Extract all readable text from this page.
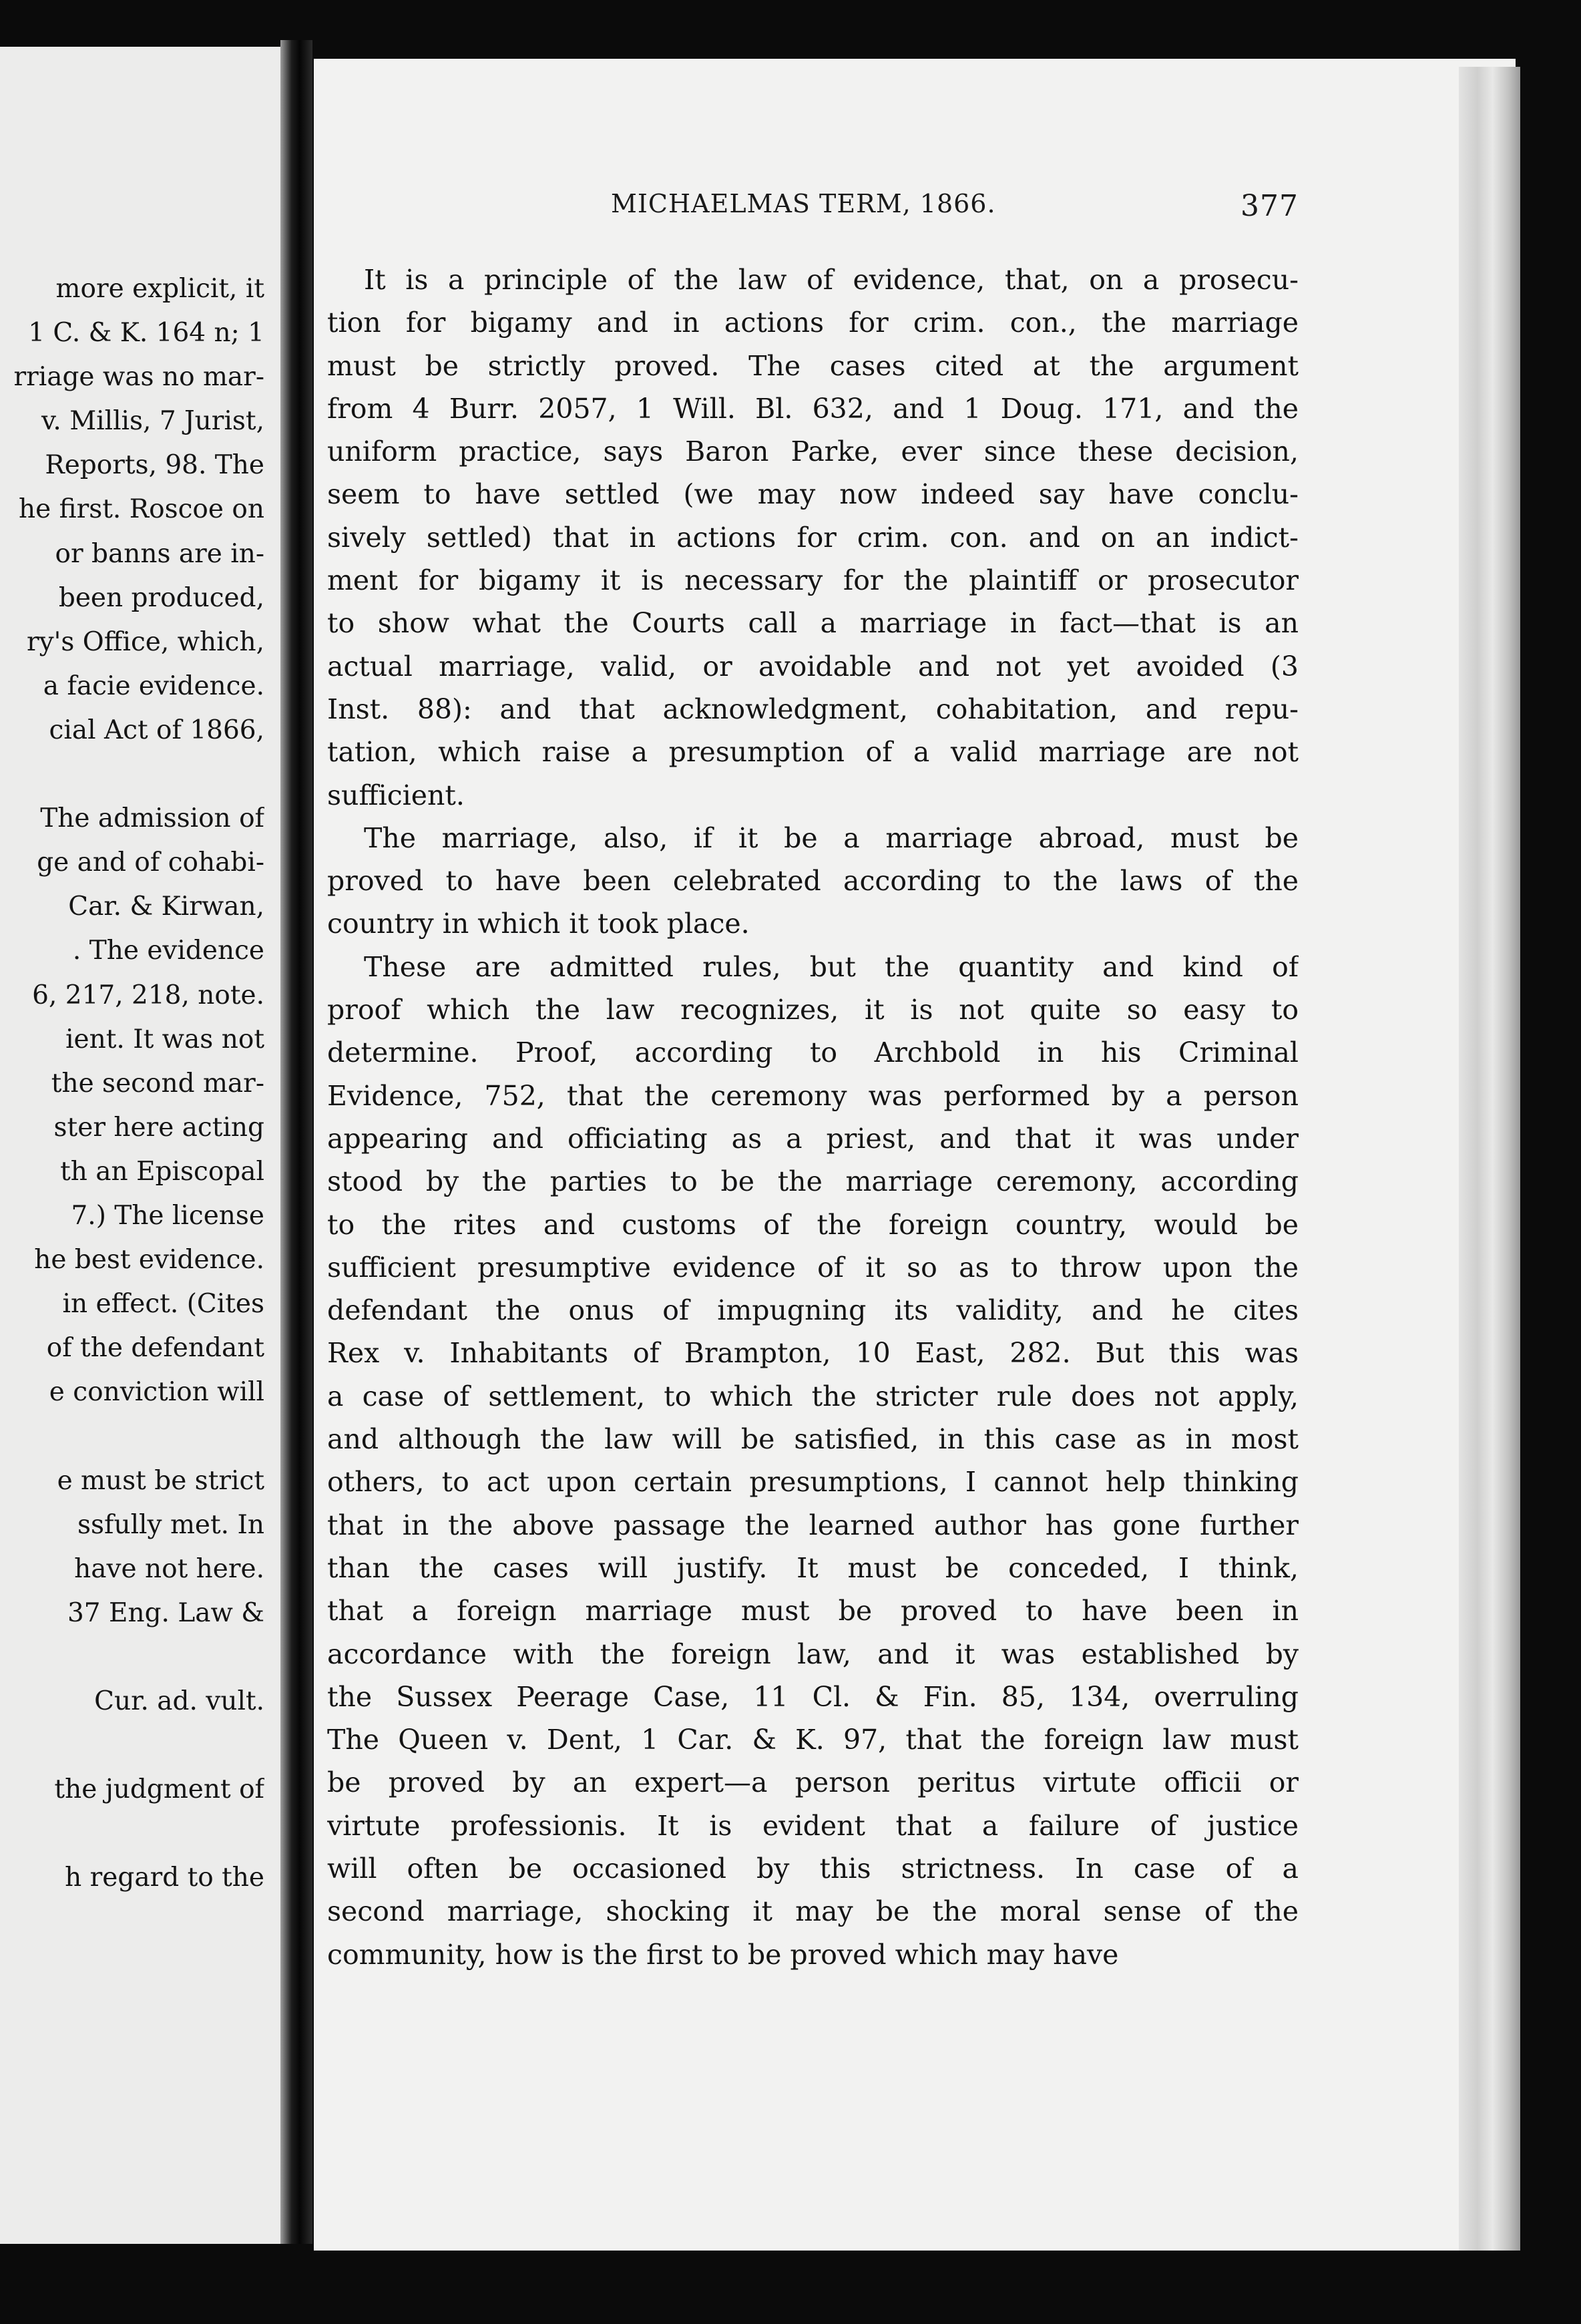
more explicit, it
1 C. & K. 164 n; 1
rriage was no mar-
v. Millis, 7 Jurist,
Reports, 98. The
he first. Roscoe on
or banns are in-
been produced,
ry's Office, which,
a facie evidence.
cial Act of 1866,
The admission of
ge and of cohabi-
Car. & Kirwan,
. The evidence
6, 217, 218, note.
ient. It was not
the second mar-
ster here acting
th an Episcopal
7.) The license
he best evidence.
in effect. (Cites
of the defendant
e conviction will
e must be strict
ssfully met. In
have not here.
37 Eng. Law &
Cur. ad. vult.
the judgment of
h regard to the
MICHAELMAS TERM, 1866.	377
It is a principle of the law of evidence, that, on a prosecu-
tion for bigamy and in actions for crim. con., the marriage
must be strictly proved. The cases cited at the argument
from 4 Burr. 2057, 1 Will. Bl. 632, and 1 Doug. 171, and the
uniform practice, says Baron Parke, ever since these decision,
seem to have settled (we may now indeed say have conclu-
sively settled) that in actions for crim. con. and on an indict-
ment for bigamy it is necessary for the plaintiff or prosecutor
to show what the Courts call a marriage in fact—that is an
actual marriage, valid, or avoidable and not yet avoided (3
Inst. 88): and that acknowledgment, cohabitation, and repu-
tation, which raise a presumption of a valid marriage are not
sufficient.
The marriage, also, if it be a marriage abroad, must be
proved to have been celebrated according to the laws of the
country in which it took place.
These are admitted rules, but the quantity and kind of
proof which the law recognizes, it is not quite so easy to
determine. Proof, according to Archbold in his Criminal
Evidence, 752, that the ceremony was performed by a person
appearing and officiating as a priest, and that it was under
stood by the parties to be the marriage ceremony, according
to the rites and customs of the foreign country, would be
sufficient presumptive evidence of it so as to throw upon the
defendant the onus of impugning its validity, and he cites
Rex v. Inhabitants of Brampton, 10 East, 282. But this was
a case of settlement, to which the stricter rule does not apply,
and although the law will be satisfied, in this case as in most
others, to act upon certain presumptions, I cannot help thinking
that in the above passage the learned author has gone further
than the cases will justify. It must be conceded, I think,
that a foreign marriage must be proved to have been in
accordance with the foreign law, and it was established by
the Sussex Peerage Case, 11 Cl. & Fin. 85, 134, overruling
The Queen v. Dent, 1 Car. & K. 97, that the foreign law must
be proved by an expert—a person peritus virtute officii or
virtute professionis. It is evident that a failure of justice
will often be occasioned by this strictness. In case of a
second marriage, shocking it may be the moral sense of the
community, how is the first to be proved which may have
